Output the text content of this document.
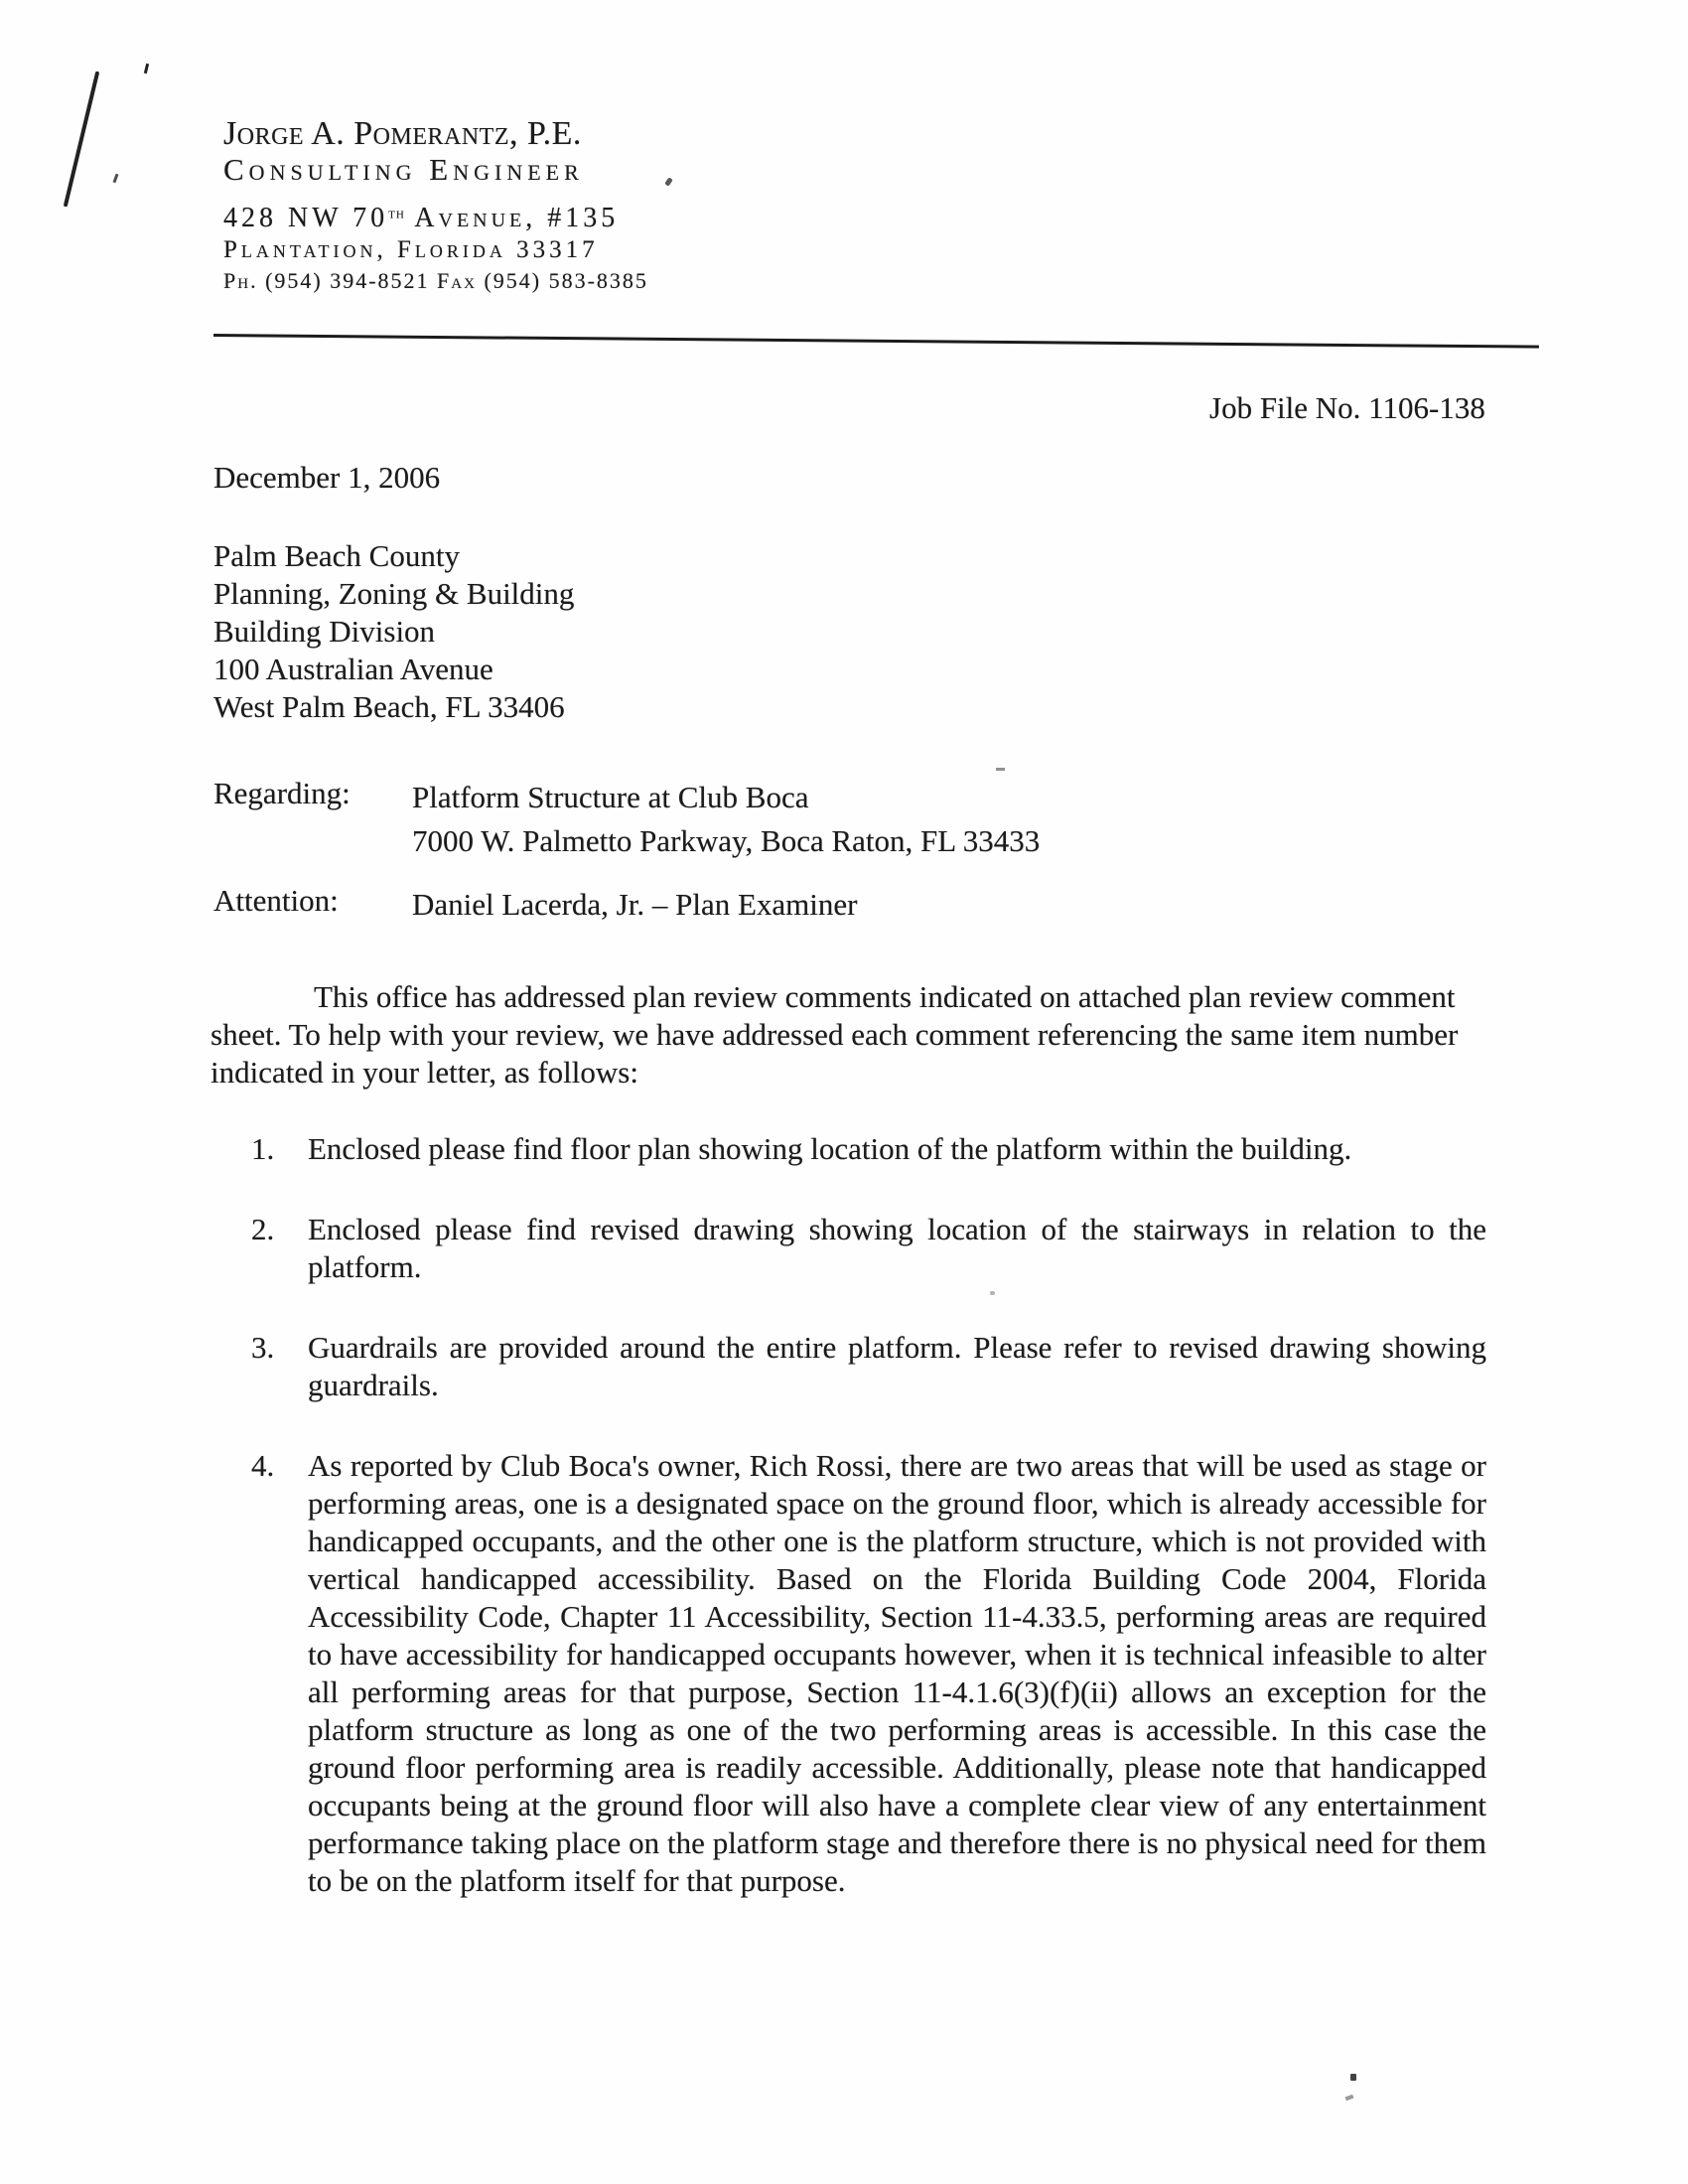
Jorge A. Pomerantz, P.E.
Consulting Engineer
428 NW 70th Avenue, #135
Plantation, Florida 33317
Ph. (954) 394-8521 Fax (954) 583-8385
Job File No. 1106-138
December 1, 2006

Palm Beach County

Planning, Zoning & Building

Building Division

100 Australian Avenue

West Palm Beach, FL 33406

Regarding: Platform Structure at Club Boca

7000 W. Palmetto Parkway, Boca Raton, FL 33433

Attention: Daniel Lacerda, Jr. – Plan Examiner

This office has addressed plan review comments indicated on attached plan review comment sheet. To help with your review, we have addressed each comment referencing the same item number indicated in your letter, as follows:

1. Enclosed please find floor plan showing location of the platform within the building.

2. Enclosed please find revised drawing showing location of the stairways in relation to the platform.

3. Guardrails are provided around the entire platform. Please refer to revised drawing showing guardrails.

4. As reported by Club Boca's owner, Rich Rossi, there are two areas that will be used as stage or performing areas, one is a designated space on the ground floor, which is already accessible for handicapped occupants, and the other one is the platform structure, which is not provided with vertical handicapped accessibility. Based on the Florida Building Code 2004, Florida Accessibility Code, Chapter 11 Accessibility, Section 11-4.33.5, performing areas are required to have accessibility for handicapped occupants however, when it is technical infeasible to alter all performing areas for that purpose, Section 11-4.1.6(3)(f)(ii) allows an exception for the platform structure as long as one of the two performing areas is accessible. In this case the ground floor performing area is readily accessible. Additionally, please note that handicapped occupants being at the ground floor will also have a complete clear view of any entertainment performance taking place on the platform stage and therefore there is no physical need for them to be on the platform itself for that purpose.
